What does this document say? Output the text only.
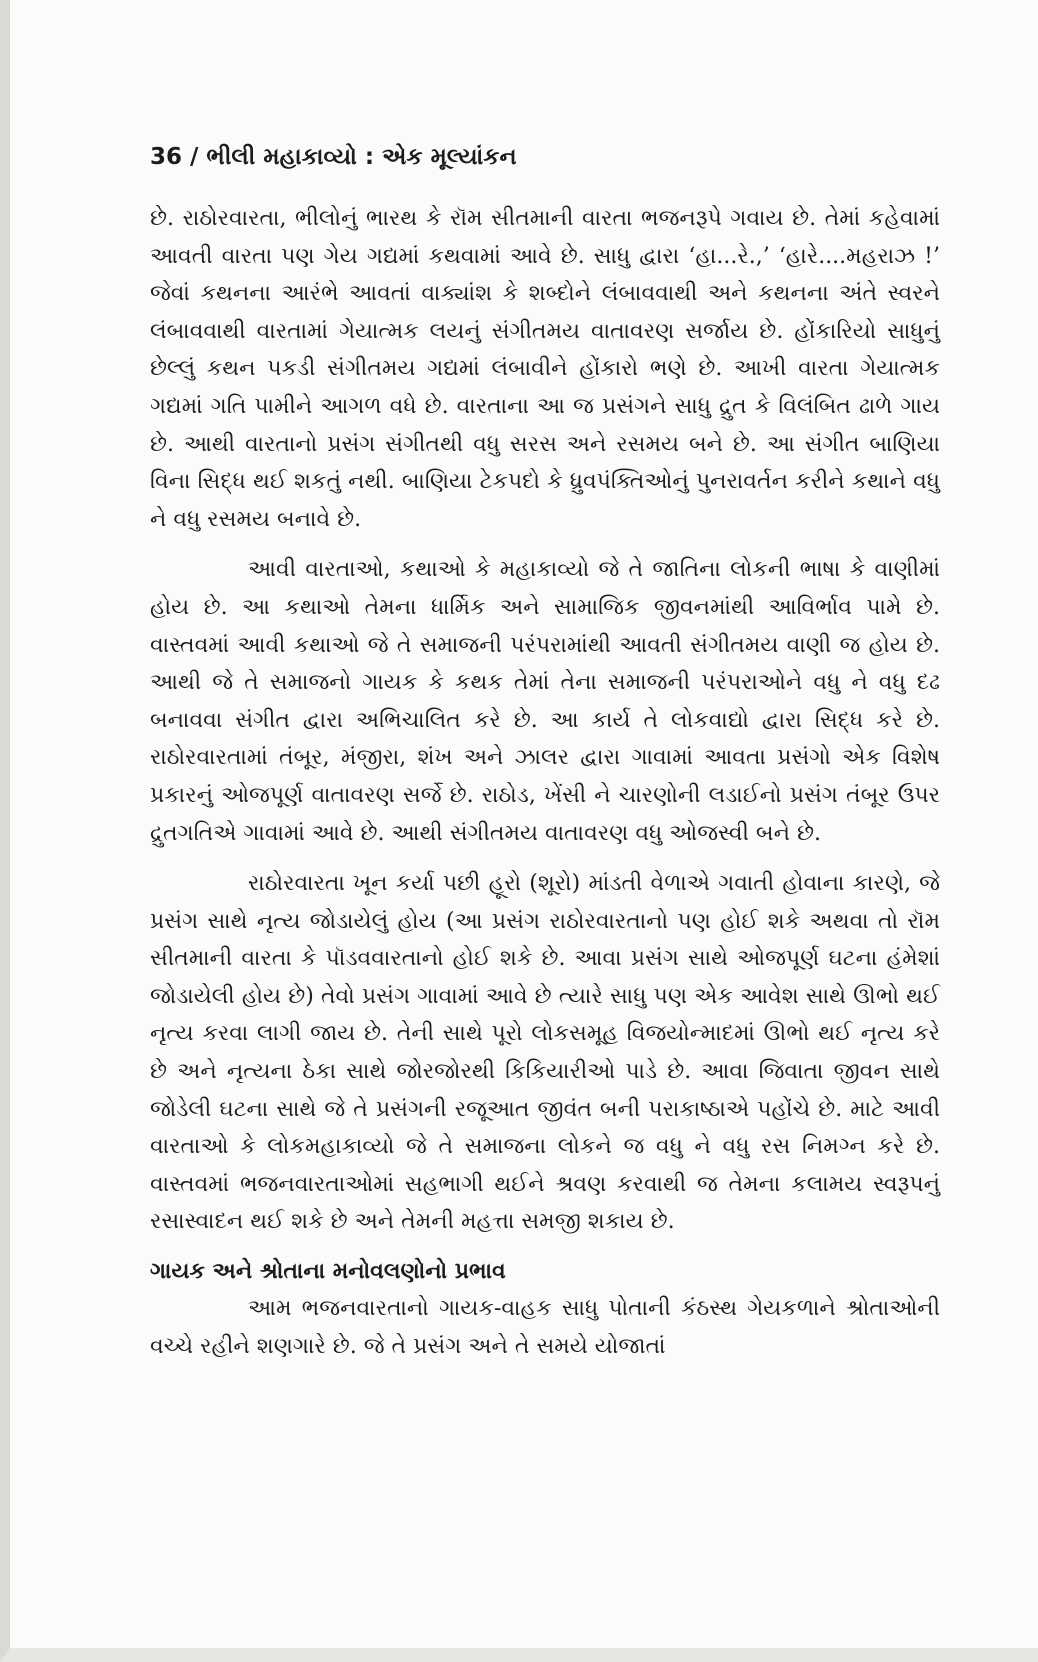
36 / ભીલી મહાકાવ્યો : એક મૂલ્યાંકન

છે. રાઠોરવારતા, ભીલોનું ભારથ કે રૉમ સીતમાની વારતા ભજનરૂપે ગવાય છે. તેમાં કહેવામાં આવતી વારતા પણ ગેય ગદ્યમાં કથવામાં આવે છે. સાધુ દ્વારા ‘હા...રે.,’ ‘હારે....મહરાઝ !’ જેવાં કથનના આરંભે આવતાં વાક્યાંશ કે શબ્દોને લંબાવવાથી અને કથનના અંતે સ્વરને લંબાવવાથી વારતામાં ગેયાત્મક લયનું સંગીતમય વાતાવરણ સર્જાય છે. હોંકારિયો સાધુનું છેલ્લું કથન પકડી સંગીતમય ગદ્યમાં લંબાવીને હોંકારો ભણે છે. આખી વારતા ગેયાત્મક ગદ્યમાં ગતિ પામીને આગળ વધે છે. વારતાના આ જ પ્રસંગને સાધુ દ્રુત કે વિલંબિત ઢાળે ગાય છે. આથી વારતાનો પ્રસંગ સંગીતથી વધુ સરસ અને રસમય બને છે. આ સંગીત બાણિયા વિના સિદ્ધ થઈ શકતું નથી. બાણિયા ટેકપદો કે ધ્રુવપંક્તિઓનું પુનરાવર્તન કરીને કથાને વધુ ને વધુ રસમય બનાવે છે.

આવી વારતાઓ, કથાઓ કે મહાકાવ્યો જે તે જાતિના લોકની ભાષા કે વાણીમાં હોય છે. આ કથાઓ તેમના ધાર્મિક અને સામાજિક જીવનમાંથી આવિર્ભાવ પામે છે. વાસ્તવમાં આવી કથાઓ જે તે સમાજની પરંપરામાંથી આવતી સંગીતમય વાણી જ હોય છે. આથી જે તે સમાજનો ગાયક કે કથક તેમાં તેના સમાજની પરંપરાઓને વધુ ને વધુ દઢ બનાવવા સંગીત દ્વારા અભિચાલિત કરે છે. આ કાર્ય તે લોકવાદ્યો દ્વારા સિદ્ધ કરે છે. રાઠોરવારતામાં તંબૂર, મંજીરા, શંખ અને ઝાલર દ્વારા ગાવામાં આવતા પ્રસંગો એક વિશેષ પ્રકારનું ઓજપૂર્ણ વાતાવરણ સર્જે છે. રાઠોડ, ખેંસી ને ચારણોની લડાઈનો પ્રસંગ તંબૂર ઉપર દ્રુતગતિએ ગાવામાં આવે છે. આથી સંગીતમય વાતાવરણ વધુ ઓજસ્વી બને છે.

રાઠોરવારતા ખૂન કર્યા પછી હૂરો (શૂરો) માંડતી વેળાએ ગવાતી હોવાના કારણે, જે પ્રસંગ સાથે નૃત્ય જોડાયેલું હોય (આ પ્રસંગ રાઠોરવારતાનો પણ હોઈ શકે અથવા તો રૉમ સીતમાની વારતા કે પૉડવવારતાનો હોઈ શકે છે. આવા પ્રસંગ સાથે ઓજપૂર્ણ ઘટના હંમેશાં જોડાયેલી હોય છે) તેવો પ્રસંગ ગાવામાં આવે છે ત્યારે સાધુ પણ એક આવેશ સાથે ઊભો થઈ નૃત્ય કરવા લાગી જાય છે. તેની સાથે પૂરો લોકસમૂહ વિજયોન્માદમાં ઊભો થઈ નૃત્ય કરે છે અને નૃત્યના ઠેકા સાથે જોરજોરથી કિકિયારીઓ પાડે છે. આવા જિવાતા જીવન સાથે જોડેલી ઘટના સાથે જે તે પ્રસંગની રજૂઆત જીવંત બની પરાકાષ્ઠાએ પહોંચે છે. માટે આવી વારતાઓ કે લોકમહાકાવ્યો જે તે સમાજના લોકને જ વધુ ને વધુ રસ નિમગ્ન કરે છે. વાસ્તવમાં ભજનવારતાઓમાં સહભાગી થઈને શ્રવણ કરવાથી જ તેમના કલામય સ્વરૂપનું રસાસ્વાદન થઈ શકે છે અને તેમની મહત્તા સમજી શકાય છે.

ગાયક અને શ્રોતાના મનોવલણોનો પ્રભાવ

આમ ભજનવારતાનો ગાયક-વાહક સાધુ પોતાની કંઠસ્થ ગેયકળાને શ્રોતાઓની વચ્ચે રહીને શણગારે છે. જે તે પ્રસંગ અને તે સમયે યોજાતાં
